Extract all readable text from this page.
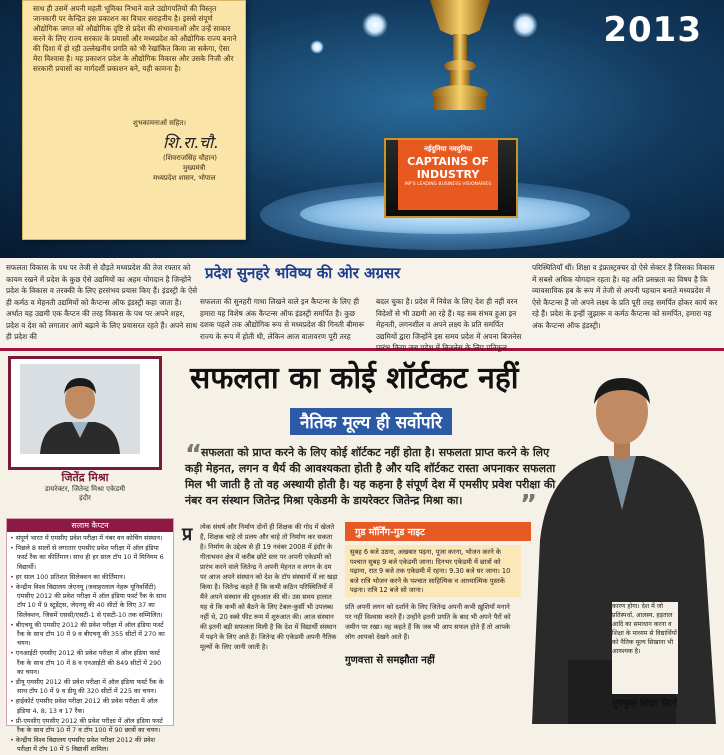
नईदुनिया नवदुनिया
CAPTAINS OF
INDUSTRY
MP'S LEADING BUSINESS VISIONARIES
2013

साथ ही उसमें अपनी महती भूमिका निभाने वाले उद्योगपतियों की विस्तृत जानकारी पर केन्द्रित इस प्रकाशन का विचार सराहनीय है। इससे संपूर्ण औद्योगिक जगत को औद्योगिक दृष्टि से प्रदेश की संभावनाओं और उन्हें साकार करने के लिए राज्य सरकार के प्रयासों और मध्यप्रदेश को औद्योगिक राज्य बनाने की दिशा में हो रही उल्लेखनीय प्रगति को भी रेखांकित किया जा सकेगा, ऐसा मेरा विश्वास है। यह प्रकाशन प्रदेश के औद्योगिक विकास और उसके निजी और सरकारी प्रयासों का मार्गदर्शी प्रकाशन बने, यही कामना है।

शुभकामनाओं सहित।
शि.रा.चौ.
(शिवराजसिंह चौहान)
मुख्यमंत्री
मध्यप्रदेश शासन, भोपाल
सफलता विकास के पथ पर तेजी से दौड़ते मध्यप्रदेश की तेज रफ्तार को कायम रखने में प्रदेश के कुछ ऐसे उद्यमियों का अहम योगदान है जिन्होंने प्रदेश के विकास व तरक्की के लिए हरसंभव प्रयास किए हैं। इंडस्ट्री के ऐसे ही कर्मठ व मेहनती उद्यमियों को कैप्टन्स ऑफ इंडस्ट्री कहा जाता है। अर्थात यह उद्यमी एक कैप्टन की तरह विकास के पथ पर अपने शहर, प्रदेश व देश को लगातार आगे बढ़ाने के लिए प्रयासरत रहते हैं। अपने साथ ही प्रदेश की
प्रदेश सुनहरे भविष्य की ओर अग्रसर
सफलता की सुनहरी गाथा लिखने वाले इन कैप्टन्स के लिए ही हमारा यह विशेष अंक कैप्टन्स ऑफ इंडस्ट्री समर्पित है। कुछ दशक पहले तक औद्योगिक रूप से मध्यप्रदेश की गिनती बीमारू राज्य के रूप में होती थी, लेकिन आज वातावरण पूरी तरह
बदल चुका है। प्रदेश में निवेश के लिए देश ही नहीं वरन विदेशों से भी उद्यमी आ रहे हैं। यह सब संभव हुआ इन मेहनती, लगनशील व अपने लक्ष्य के प्रति समर्पित उद्यमियों द्वारा जिन्होंने इस समय प्रदेश में अपना बिजनेस प्रारंभ किया जब प्रदेश में बिजनेस के लिए प्रतिकूल
परिस्थितियाँ थीं। शिक्षा व इंफ्रास्ट्रक्चर दो ऐसे सेक्टर हैं जिसका विकास में सबसे अधिक योगदान रहता है। यह अति प्रसन्नता का विषय है कि व्यावसायिक हब के रूप में तेजी से अपनी पहचान बनाते मध्यप्रदेश में ऐसे कैप्टन्स हैं जो अपने लक्ष्य के प्रति पूरी तरह समर्पित होकर कार्य कर रहे हैं। प्रदेश के इन्हीं जुझारू व कर्मठ कैप्टन्स को समर्पित, हमारा यह अंक कैप्टन्स ऑफ इंडस्ट्री।
जितेंद्र मिश्रा
डायरेक्टर, जितेन्द्र मिश्रा एकेडमी
इंदौर
सफलता का कोई शॉर्टकट नहीं
नैतिक मूल्य ही सर्वोपरि
“
सफलता को प्राप्त करने के लिए कोई शॉर्टकट नहीं होता है। सफलता प्राप्त करने के लिए कड़ी मेहनत, लगन व धैर्य की आवश्यकता होती है और यदि शॉर्टकट रास्ता अपनाकर सफलता मिल भी जाती है तो वह अस्थायी होती है। यह कहना है संपूर्ण देश में एमसीए प्रवेश परीक्षा की नंबर वन संस्थान जितेन्द्र मिश्रा एकेडमी के डायरेक्टर जितेन्द्र मिश्रा का।	”
सलाम कैप्टन
• संपूर्ण भारत में एमसीए प्रवेश परीक्षा में नंबर वन कोचिंग संस्थान।
• पिछले 8 सालों से लगातार एमसीए प्रवेश परीक्षा में ऑल इंडिया फर्स्ट रैंक का कीर्तिमान। साथ ही हर साल टॉप 10 में मिनिमम 6 विद्यार्थी।
• हर साल 100 प्रतिशत सिलेक्शन का कीर्तिमान।
• केन्द्रीय विश्व विद्यालय जेएनयू (जवाहरलाल नेहरू यूनिवर्सिटी) एमसीए 2012 की प्रवेश परीक्षा में ऑल इंडिया फर्स्ट रैंक के साथ टॉप 10 में 9 स्टूडेंट्स, जेएनयू की 40 सीटों के लिए 37 का सिलेक्शन, जिसमें एससी/एसटी-1 से एसटी-10 तक सम्मिलित।
• बीएचयू की एमसीए 2012 की प्रवेश परीक्षा में ऑल इंडिया फर्स्ट रैंक के साथ टॉप 10 में 9 व बीएचयू की 355 सीटों में 270 का चयन।
• एनआईटी एमसीए 2012 की प्रवेश परीक्षा में ऑल इंडिया फर्स्ट रैंक के साथ टॉप 10 में 8 व एनआईटी की 849 सीटों में 290 का चयन।
• डीयू एमसीए 2012 की प्रवेश परीक्षा में ऑल इंडिया फर्स्ट रैंक के साथ टॉप 10 में 9 व डीयू की 320 सीटों में 225 का चयन।
• हाईकोर्ट एमसीए प्रवेश परीक्षा 2012 की प्रवेश परीक्षा में ऑल इंडिया 4, 8, 13 व 17 रैंक।
• प्री-एमसीए एमसीए 2012 की प्रवेश परीक्षा में ऑल इंडिया फर्स्ट रैंक के साथ टॉप 10 में 7 व टॉप 100 में 90 छात्रों का चयन।
• केन्द्रीय विश्व विद्यालय एमसीए प्रवेश परीक्षा 2012 की प्रवेश परीक्षा में टॉप 10 में 5 विद्यार्थी शामिल।
प्र त्येक संघर्ष और निर्माण दोनों ही शिक्षक की गोद में खेलते हैं, शिक्षक चाहे तो प्रलय और चाहे तो निर्माण कर सकता है। निर्माण के उद्देश्य से ही 19 नवंबर 2008 में इंदौर के गीताभवन क्षेत्र में करीब छोटे स्तर पर अपनी एकेडमी को प्रारंभ करने वाले जितेन्द्र ने अपनी मेहनत व लगन के दम पर आज अपने संस्थान को देश के टॉप संस्थानों में ला खड़ा किया है। जितेन्द्र कहते हैं कि कभी कठिन परिस्थितियों में मैंने अपने संस्थान की शुरुआत की थी। उस समय हालात यह थे कि कभी को बैठने के लिए टेबल-कुर्सी भी उपलब्ध नहीं थे, 20 स्क्वे फीट रूम में शुरुआत की। आज संस्थान की इतनी बड़ी सफलता मिली है कि देश में विद्यार्थी संस्थान में पढ़ने के लिए आते हैं। जितेन्द्र की एकेडमी अपनी नैतिक मूल्यों के लिए जानी जाती है।
गुड मॉर्निंग-गुड नाइट
सुबह 6 बजे उठना, अखबार पढ़ना, पूजा करना, भोजन करने के पश्चात सुबह 9 बजे एकेडमी जाना। दिनभर एकेडमी में छात्रों को पढ़ाना, रात 9 बजे तक एकेडमी में रहना। 9.30 बजे घर जाना। 10 बजे रात्रि भोजन करने के पश्चात साहित्यिक व आध्यात्मिक पुस्तकें पढ़ना। रात्रि 12 बजे सो जाना।
प्रति अपनी लगन को दर्शाने के लिए जितेन्द्र अपनी कभी ख़ुशियाँ मनाने पर नहीं विश्वास करते हैं। उन्होंने इतनी प्रगति के बाद भी अपने पैरों को जमीन पर रखा। वह कहते हैं कि जब भी आप सफल होते हैं तो आपके लोग आपको देखने आते हैं।
गुणवत्ता से समझौता नहीं
कारण होगा। देश में जो प्रतिस्पर्धा, आलस्य, हड़ताल आदि का समाधान करना व शिक्षा के माध्यम से विद्यार्थियों को नैतिक मूल्य सिखाना भी आवश्यक है।
गुरुकुल शिक्षा पैटर्न
